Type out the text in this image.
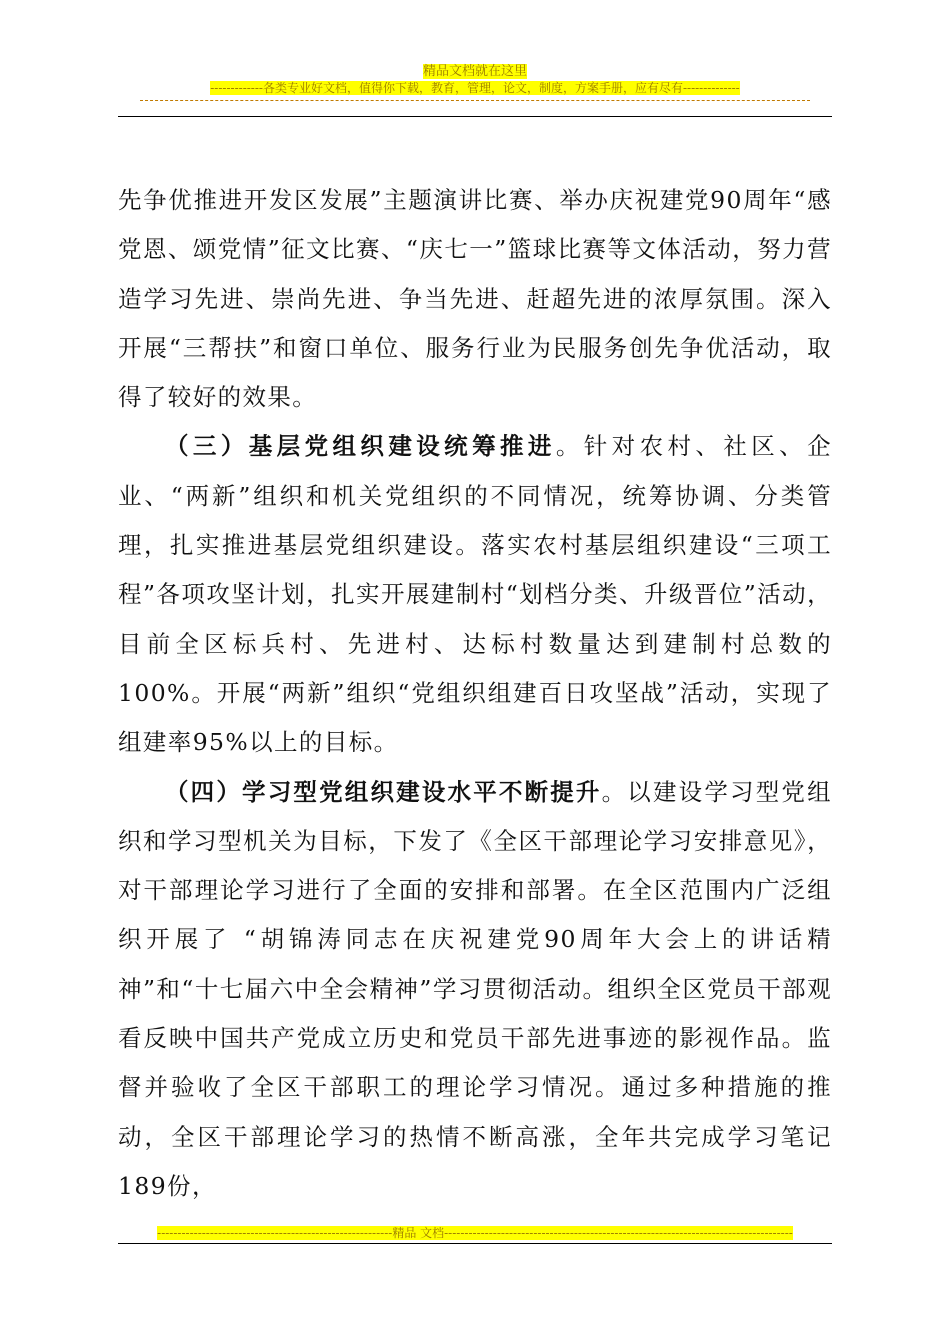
精品文档就在这里
-------------各类专业好文档，值得你下载，教育，管理，论文，制度，方案手册，应有尽有--------------

先争优推进开发区发展”主题演讲比赛、举办庆祝建党90周年“感党恩、颂党情”征文比赛、“庆七一”篮球比赛等文体活动，努力营造学习先进、崇尚先进、争当先进、赶超先进的浓厚氛围。深入开展“三帮扶”和窗口单位、服务行业为民服务创先争优活动，取得了较好的效果。

（三）基层党组织建设统筹推进。针对农村、社区、企业、“两新”组织和机关党组织的不同情况，统筹协调、分类管理，扎实推进基层党组织建设。落实农村基层组织建设“三项工程”各项攻坚计划，扎实开展建制村“划档分类、升级晋位”活动，目前全区标兵村、先进村、达标村数量达到建制村总数的100%。开展“两新”组织“党组织组建百日攻坚战”活动，实现了组建率95%以上的目标。

（四）学习型党组织建设水平不断提升。以建设学习型党组织和学习型机关为目标，下发了《全区干部理论学习安排意见》，对干部理论学习进行了全面的安排和部署。在全区范围内广泛组织开展了 “胡锦涛同志在庆祝建党90周年大会上的讲话精神”和“十七届六中全会精神”学习贯彻活动。组织全区党员干部观看反映中国共产党成立历史和党员干部先进事迹的影视作品。监督并验收了全区干部职工的理论学习情况。通过多种措施的推动，全区干部理论学习的热情不断高涨，全年共完成学习笔记189份，

----------------------------------------------------------精品 文档--------------------------------------------------------------------------------------
